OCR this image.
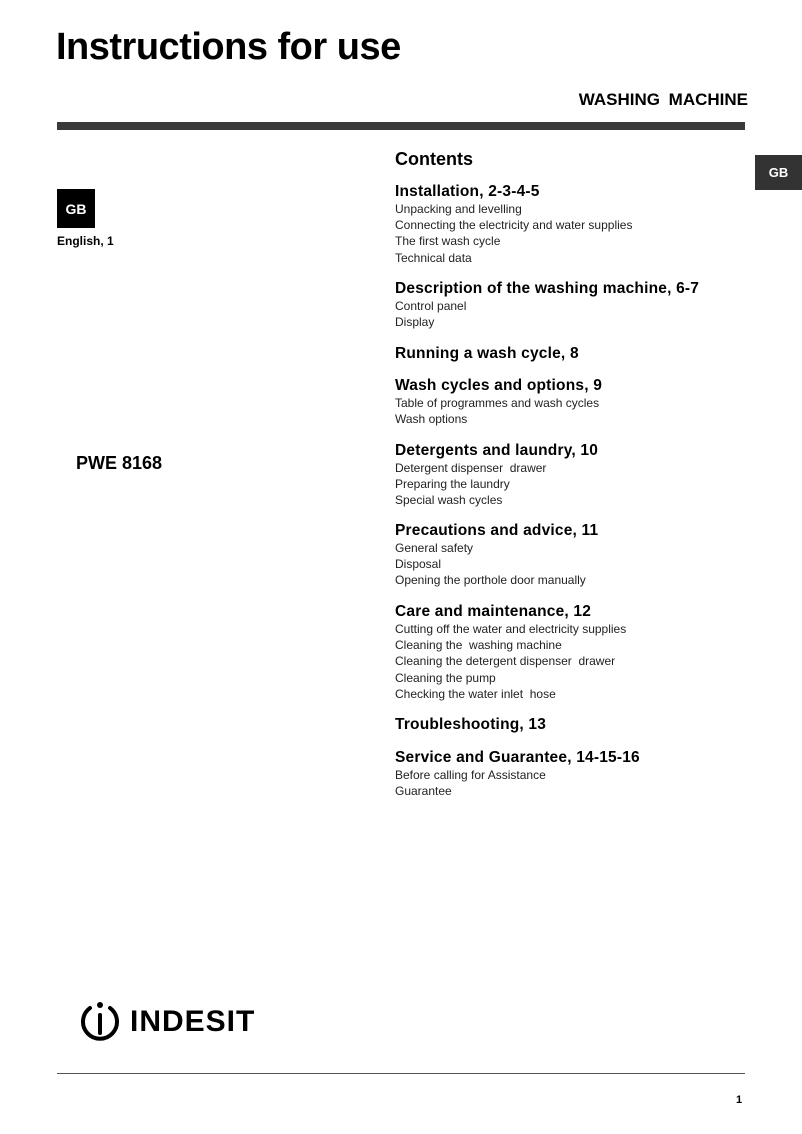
Instructions for use
WASHING MACHINE
GB
GB
English, 1
PWE 8168
Contents
Installation, 2-3-4-5
Unpacking and levelling
Connecting the electricity and water supplies
The first wash cycle
Technical data
Description of the washing machine, 6-7
Control panel
Display
Running a wash cycle, 8
Wash cycles and options, 9
Table of programmes and wash cycles
Wash options
Detergents and laundry, 10
Detergent dispenser  drawer
Preparing the laundry
Special wash cycles
Precautions and advice, 11
General safety
Disposal
Opening the porthole door manually
Care and maintenance, 12
Cutting off the water and electricity supplies
Cleaning the  washing machine
Cleaning the detergent dispenser  drawer
Cleaning the pump
Checking the water inlet  hose
Troubleshooting, 13
Service and Guarantee, 14-15-16
Before calling for Assistance
Guarantee
INDESIT
1
